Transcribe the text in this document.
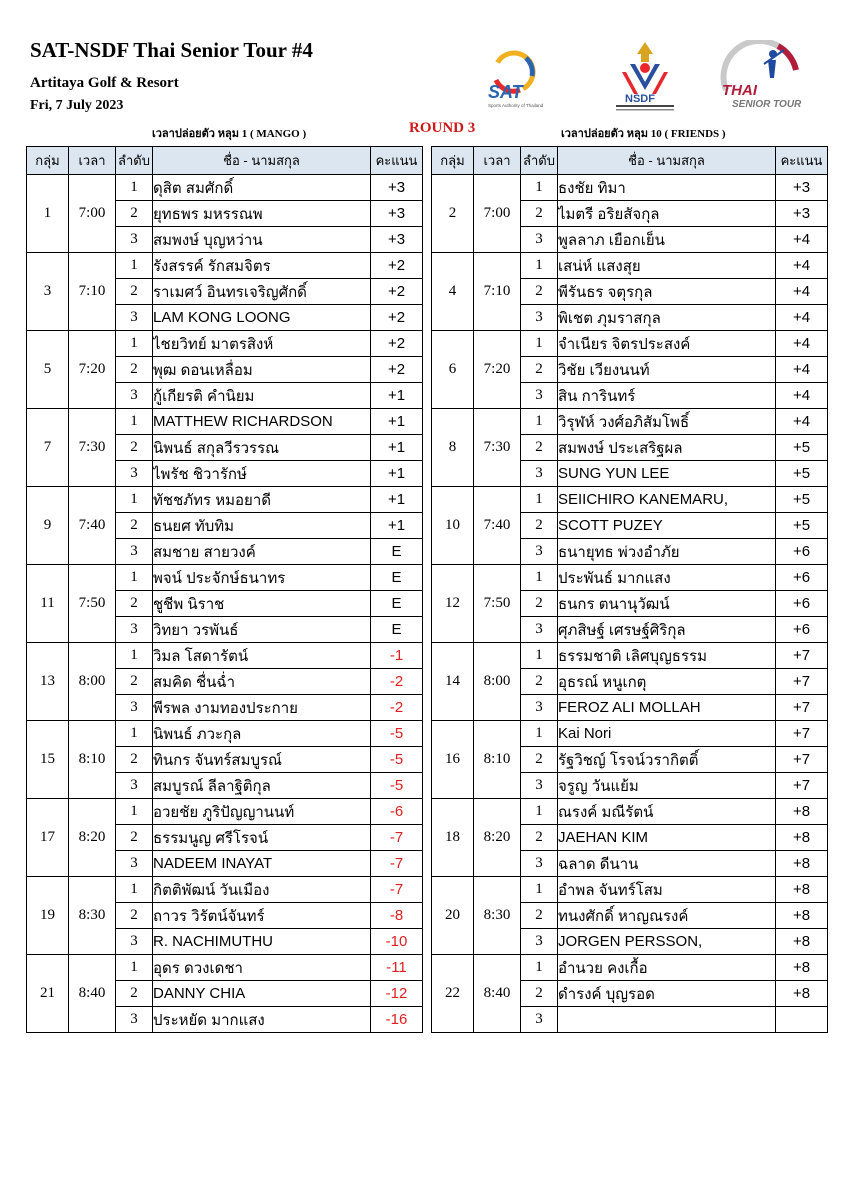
SAT-NSDF Thai Senior Tour #4
Artitaya Golf & Resort
Fri, 7 July 2023
เวลาปล่อยตัว หลุม 1 ( MANGO )	ROUND 3	เวลาปล่อยตัว หลุม 10 ( FRIENDS )
SAT
Sports Authority of Thailand
NSDF	THAI
SENIOR TOUR
กลุ่ม	เวลา	ลำดับ	ชื่อ - นามสกุล	คะแนน
1	7:00	1	ดุสิต สมศักดิ์	+3
		2	ยุทธพร มหรรณพ	+3
		3	สมพงษ์ บุญหว่าน	+3
3	7:10	1	รังสรรค์ รักสมจิตร	+2
		2	ราเมศว์ อินทรเจริญศักดิ์	+2
		3	LAM KONG LOONG	+2
5	7:20	1	ไชยวิทย์ มาตรสิงห์	+2
		2	พุฒ ดอนเหลื่อม	+2
		3	กู้เกียรติ คำนิยม	+1
7	7:30	1	MATTHEW RICHARDSON	+1
		2	นิพนธ์ สกุลวีรวรรณ	+1
		3	ไพรัช ชิวารักษ์	+1
9	7:40	1	ทัชชภัทร หมอยาดี	+1
		2	ธนยศ ทับทิม	+1
		3	สมชาย สายวงค์	E
11	7:50	1	พจน์ ประจักษ์ธนาทร	E
		2	ชูชีพ นิราช	E
		3	วิทยา วรพันธ์	E
13	8:00	1	วิมล โสดารัตน์	-1
		2	สมคิด ชื่นฉ่ำ	-2
		3	พีรพล งามทองประกาย	-2
15	8:10	1	นิพนธ์ ภวะกุล	-5
		2	ทินกร จันทร์สมบูรณ์	-5
		3	สมบูรณ์ ลีลาฐิติกุล	-5
17	8:20	1	อวยชัย ภูริปัญญานนท์	-6
		2	ธรรมนูญ ศรีโรจน์	-7
		3	NADEEM INAYAT	-7
19	8:30	1	กิตติพัฒน์ วันเมือง	-7
		2	ถาวร วิรัตน์จันทร์	-8
		3	R. NACHIMUTHU	-10
21	8:40	1	อุดร ดวงเดชา	-11
		2	DANNY CHIA	-12
		3	ประหยัด มากแสง	-16
กลุ่ม	เวลา	ลำดับ	ชื่อ - นามสกุล	คะแนน
2	7:00	1	ธงชัย ทิมา	+3
		2	ไมตรี อริยสัจกุล	+3
		3	พูลลาภ เยือกเย็น	+4
4	7:10	1	เสน่ห์ แสงสุย	+4
		2	พีรันธร จตุรกุล	+4
		3	พิเชต ภุมราสกุล	+4
6	7:20	1	จำเนียร จิตรประสงค์	+4
		2	วิชัย เวียงนนท์	+4
		3	สิน การินทร์	+4
8	7:30	1	วิรุฬห์ วงศ์อภิสัมโพธิ์	+4
		2	สมพงษ์ ประเสริฐผล	+5
		3	SUNG YUN LEE	+5
10	7:40	1	SEIICHIRO KANEMARU,	+5
		2	SCOTT PUZEY	+5
		3	ธนายุทธ พ่วงอำภัย	+6
12	7:50	1	ประพันธ์ มากแสง	+6
		2	ธนกร ตนานุวัฒน์	+6
		3	ศุภสิษฐ์ เศรษฐ์ศิริกุล	+6
14	8:00	1	ธรรมชาติ เลิศบุญธรรม	+7
		2	อุธรณ์ หนูเกตุ	+7
		3	FEROZ ALI MOLLAH	+7
16	8:10	1	Kai Nori	+7
		2	รัฐวิชญ์ โรจน์วรากิตติ์	+7
		3	จรูญ วันแย้ม	+7
18	8:20	1	ณรงค์ มณีรัตน์	+8
		2	JAEHAN KIM	+8
		3	ฉลาด ดีนาน	+8
20	8:30	1	อำพล จันทร์โสม	+8
		2	ทนงศักดิ์ หาญณรงค์	+8
		3	JORGEN PERSSON,	+8
22	8:40	1	อำนวย คงเกื้อ	+8
		2	ดำรงค์ บุญรอด	+8
		3		
